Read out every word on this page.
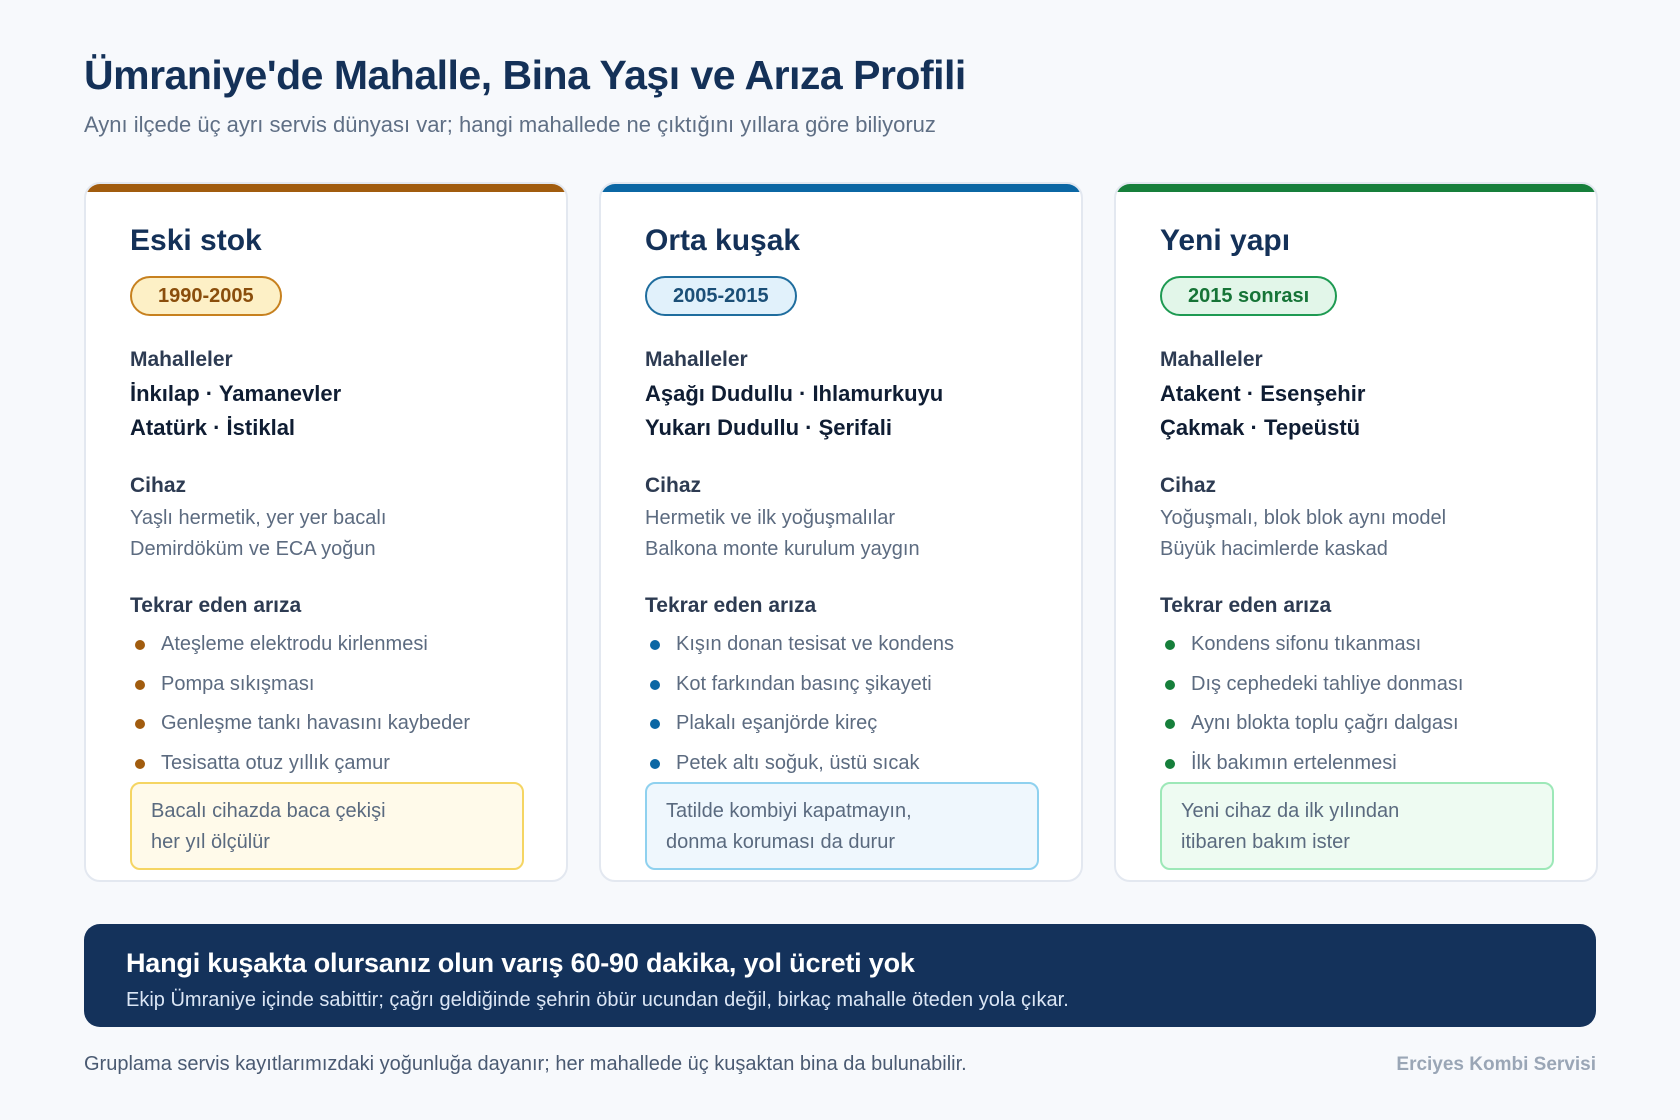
Ümraniye'de Mahalle, Bina Yaşı ve Arıza Profili

Aynı ilçede üç ayrı servis dünyası var; hangi mahallede ne çıktığını yıllara göre biliyoruz

Eski stok
1990-2005
Mahalleler
İnkılap · Yamanevler
Atatürk · İstiklal
Cihaz
Yaşlı hermetik, yer yer bacalı
Demirdöküm ve ECA yoğun
Tekrar eden arıza
Ateşleme elektrodu kirlenmesi
Pompa sıkışması
Genleşme tankı havasını kaybeder
Tesisatta otuz yıllık çamur
Bacalı cihazda baca çekişi
her yıl ölçülür
Orta kuşak
2005-2015
Mahalleler
Aşağı Dudullu · Ihlamurkuyu
Yukarı Dudullu · Şerifali
Cihaz
Hermetik ve ilk yoğuşmalılar
Balkona monte kurulum yaygın
Tekrar eden arıza
Kışın donan tesisat ve kondens
Kot farkından basınç şikayeti
Plakalı eşanjörde kireç
Petek altı soğuk, üstü sıcak
Tatilde kombiyi kapatmayın,
donma koruması da durur
Yeni yapı
2015 sonrası
Mahalleler
Atakent · Esenşehir
Çakmak · Tepeüstü
Cihaz
Yoğuşmalı, blok blok aynı model
Büyük hacimlerde kaskad
Tekrar eden arıza
Kondens sifonu tıkanması
Dış cephedeki tahliye donması
Aynı blokta toplu çağrı dalgası
İlk bakımın ertelenmesi
Yeni cihaz da ilk yılından
itibaren bakım ister
Hangi kuşakta olursanız olun varış 60-90 dakika, yol ücreti yok
Ekip Ümraniye içinde sabittir; çağrı geldiğinde şehrin öbür ucundan değil, birkaç mahalle öteden yola çıkar.
Gruplama servis kayıtlarımızdaki yoğunluğa dayanır; her mahallede üç kuşaktan bina da bulunabilir.	Erciyes Kombi Servisi
